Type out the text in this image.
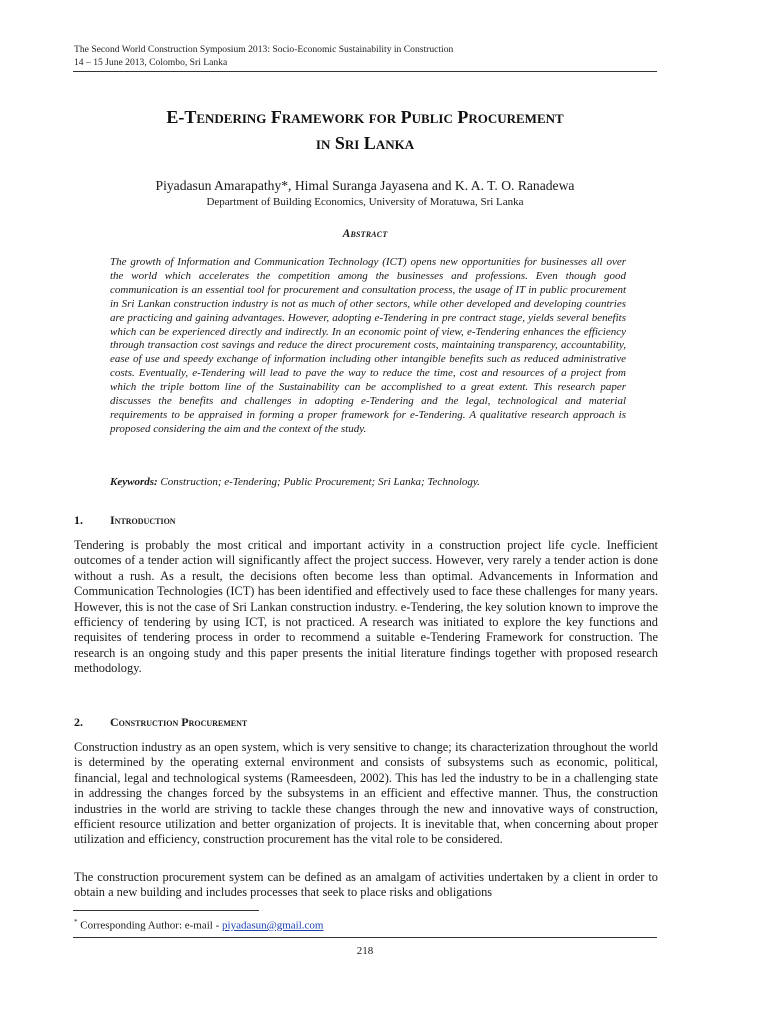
The Second World Construction Symposium 2013: Socio-Economic Sustainability in Construction
14 – 15 June 2013, Colombo, Sri Lanka
E-Tendering Framework for Public Procurement
in Sri Lanka
Piyadasun Amarapathy*, Himal Suranga Jayasena and K. A. T. O. Ranadewa
Department of Building Economics, University of Moratuwa, Sri Lanka
Abstract
The growth of Information and Communication Technology (ICT) opens new opportunities for businesses all over the world which accelerates the competition among the businesses and professions. Even though good communication is an essential tool for procurement and consultation process, the usage of IT in public procurement in Sri Lankan construction industry is not as much of other sectors, while other developed and developing countries are practicing and gaining advantages. However, adopting e-Tendering in pre contract stage, yields several benefits which can be experienced directly and indirectly. In an economic point of view, e-Tendering enhances the efficiency through transaction cost savings and reduce the direct procurement costs, maintaining transparency, accountability, ease of use and speedy exchange of information including other intangible benefits such as reduced administrative costs. Eventually, e-Tendering will lead to pave the way to reduce the time, cost and resources of a project from which the triple bottom line of the Sustainability can be accomplished to a great extent. This research paper discusses the benefits and challenges in adopting e-Tendering and the legal, technological and material requirements to be appraised in forming a proper framework for e-Tendering. A qualitative research approach is proposed considering the aim and the context of the study.
Keywords: Construction; e-Tendering; Public Procurement; Sri Lanka; Technology.
1. Introduction
Tendering is probably the most critical and important activity in a construction project life cycle. Inefficient outcomes of a tender action will significantly affect the project success. However, very rarely a tender action is done without a rush. As a result, the decisions often become less than optimal. Advancements in Information and Communication Technologies (ICT) has been identified and effectively used to face these challenges for many years. However, this is not the case of Sri Lankan construction industry. e-Tendering, the key solution known to improve the efficiency of tendering by using ICT, is not practiced. A research was initiated to explore the key functions and requisites of tendering process in order to recommend a suitable e-Tendering Framework for construction. The research is an ongoing study and this paper presents the initial literature findings together with proposed research methodology.
2. Construction Procurement
Construction industry as an open system, which is very sensitive to change; its characterization throughout the world is determined by the operating external environment and consists of subsystems such as economic, political, financial, legal and technological systems (Rameesdeen, 2002). This has led the industry to be in a challenging state in addressing the changes forced by the subsystems in an efficient and effective manner. Thus, the construction industries in the world are striving to tackle these changes through the new and innovative ways of construction, efficient resource utilization and better organization of projects. It is inevitable that, when concerning about proper utilization and efficiency, construction procurement has the vital role to be considered.
The construction procurement system can be defined as an amalgam of activities undertaken by a client in order to obtain a new building and includes processes that seek to place risks and obligations
* Corresponding Author: e-mail - piyadasun@gmail.com
218
